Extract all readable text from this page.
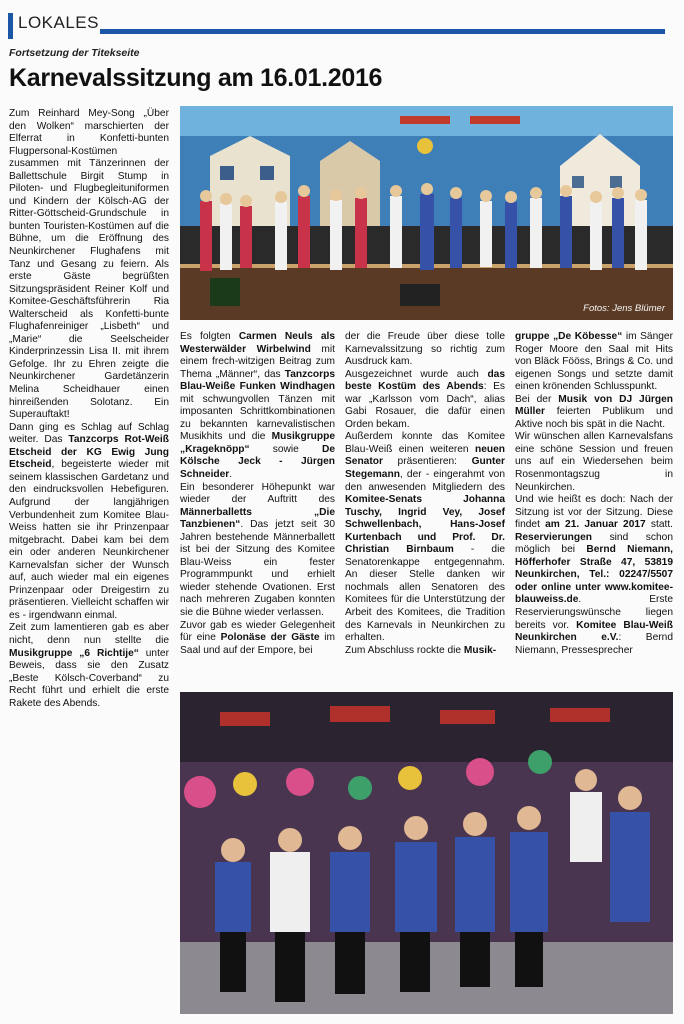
LOKALES
Fortsetzung der Titekseite
Karnevalssitzung am 16.01.2016

Zum Reinhard Mey-Song „Über den Wolken“ marschierten der Elferrat in Konfetti-bunten Flugpersonal-Kostümen zusammen mit Tänzerinnen der Ballettschule Birgit Stump in Piloten- und Flugbegleituniformen und Kindern der Kölsch-AG der Ritter-Göttscheid-Grundschule in bunten Touristen-Kostümen auf die Bühne, um die Eröffnung des Neunkirchener Flughafens mit Tanz und Gesang zu feiern. Als erste Gäste begrüßten Sitzungspräsident Reiner Kolf und Komitee-Geschäftsführerin Ria Walterscheid als Konfetti-bunte Flughafenreiniger „Lisbeth“ und „Marie“ die Seelscheider Kinderprinzessin Lisa II. mit ihrem Gefolge. Ihr zu Ehren zeigte die Neunkirchener Gardetänzerin Melina Scheidhauer einen hinreißenden Solotanz. Ein Superauftakt!

Dann ging es Schlag auf Schlag weiter. Das Tanzcorps Rot-Weiß Etscheid der KG Ewig Jung Etscheid, begeisterte wieder mit seinem klassischen Gardetanz und den eindrucksvollen Hebefiguren. Aufgrund der langjährigen Verbundenheit zum Komitee Blau-Weiss hatten sie ihr Prinzenpaar mitgebracht. Dabei kam bei dem ein oder anderen Neunkirchener Karnevalsfan sicher der Wunsch auf, auch wieder mal ein eigenes Prinzenpaar oder Dreigestirn zu präsentieren. Vielleicht schaffen wir es - irgendwann einmal.

Zeit zum lamentieren gab es aber nicht, denn nun stellte die Musikgruppe „6 Richtije“ unter Beweis, dass sie den Zusatz „Beste Kölsch-Coverband“ zu Recht führt und erhielt die erste Rakete des Abends.

Fotos: Jens Blümer

Es folgten Carmen Neuls als Westerwälder Wirbelwind mit einem frech-witzigen Beitrag zum Thema „Männer“, das Tanzcorps Blau-Weiße Funken Windhagen mit schwungvollen Tänzen mit imposanten Schrittkombinationen zu bekannten karnevalistischen Musikhits und die Musikgruppe „Krageknöpp“ sowie De Kölsche Jeck - Jürgen Schneider.

Ein besonderer Höhepunkt war wieder der Auftritt des Männerballetts „Die Tanzbienen“. Das jetzt seit 30 Jahren bestehende Männerballett ist bei der Sitzung des Komitee Blau-Weiss ein fester Programmpunkt und erhielt wieder stehende Ovationen. Erst nach mehreren Zugaben konnten sie die Bühne wieder verlassen.

Zuvor gab es wieder Gelegenheit für eine Polonäse der Gäste im Saal und auf der Empore, bei

der die Freude über diese tolle Karnevalssitzung so richtig zum Ausdruck kam.

Ausgezeichnet wurde auch das beste Kostüm des Abends: Es war „Karlsson vom Dach“, alias Gabi Rosauer, die dafür einen Orden bekam.

Außerdem konnte das Komitee Blau-Weiß einen weiteren neuen Senator präsentieren: Gunter Stegemann, der - eingerahmt von den anwesenden Mitgliedern des Komitee-Senats Johanna Tuschy, Ingrid Vey, Josef Schwellenbach, Hans-Josef Kurtenbach und Prof. Dr. Christian Birnbaum - die Senatorenkappe entgegennahm. An dieser Stelle danken wir nochmals allen Senatoren des Komitees für die Unterstützung der Arbeit des Komitees, die Tradition des Karnevals in Neunkirchen zu erhalten.

Zum Abschluss rockte die Musik-

gruppe „De Köbesse“ im Sänger Roger Moore den Saal mit Hits von Bläck Fööss, Brings & Co. und eigenen Songs und setzte damit einen krönenden Schlusspunkt.

Bei der Musik von DJ Jürgen Müller feierten Publikum und Aktive noch bis spät in die Nacht.

Wir wünschen allen Karnevalsfans eine schöne Session und freuen uns auf ein Wiedersehen beim Rosenmontagszug in Neunkirchen.

Und wie heißt es doch: Nach der Sitzung ist vor der Sitzung. Diese findet am 21. Januar 2017 statt. Reservierungen sind schon möglich bei Bernd Niemann, Höfferhofer Straße 47, 53819 Neunkirchen, Tel.: 02247/5507 oder online unter www.komitee-blauweiss.de. Erste Reservierungswünsche liegen bereits vor. Komitee Blau-Weiß Neunkirchen e.V.: Bernd Niemann, Pressesprecher
